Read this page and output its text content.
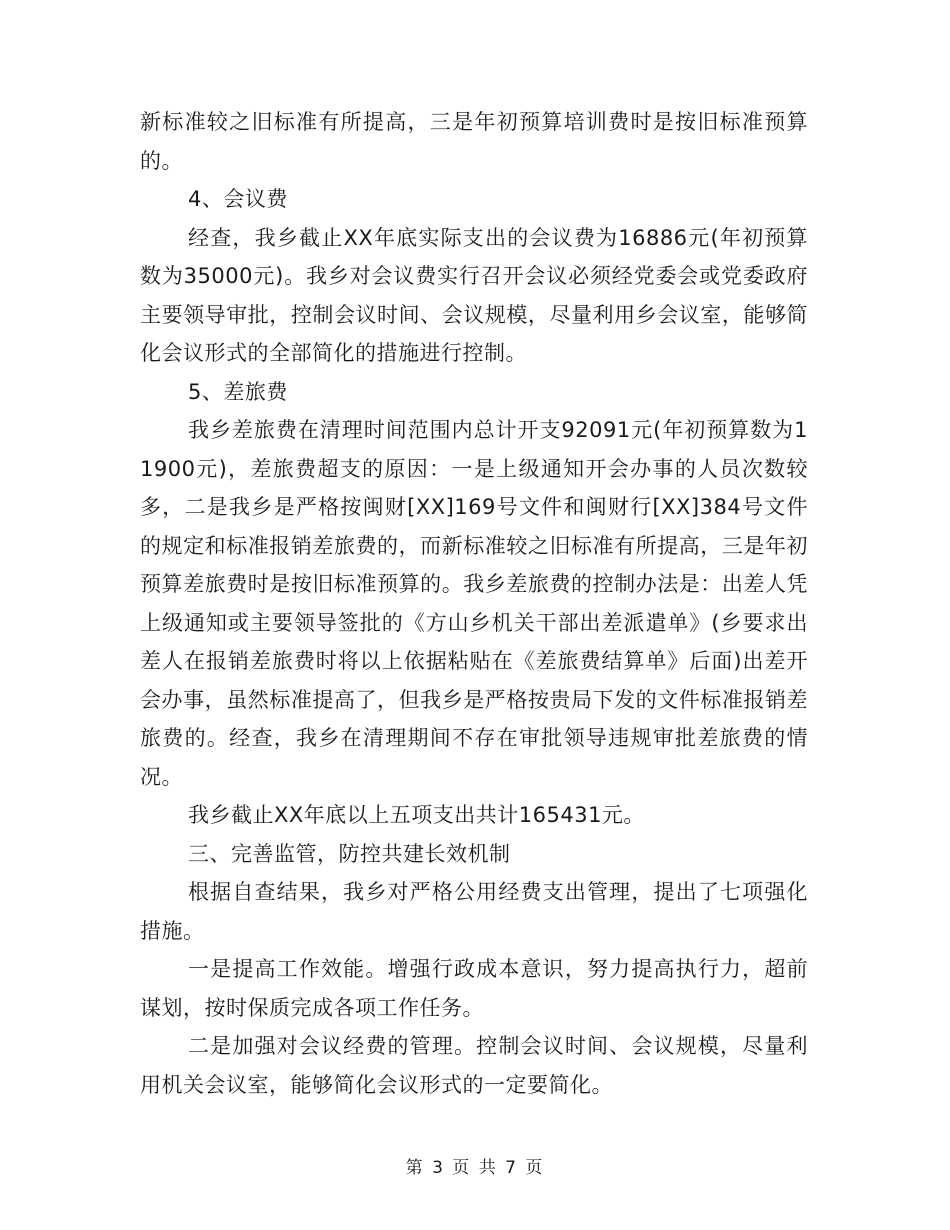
新标准较之旧标准有所提高，三是年初预算培训费时是按旧标准预算的。

4、会议费

经查，我乡截止XX年底实际支出的会议费为16886元(年初预算数为35000元)。我乡对会议费实行召开会议必须经党委会或党委政府主要领导审批，控制会议时间、会议规模，尽量利用乡会议室，能够简化会议形式的全部简化的措施进行控制。

5、差旅费

我乡差旅费在清理时间范围内总计开支92091元(年初预算数为11900元)，差旅费超支的原因：一是上级通知开会办事的人员次数较多，二是我乡是严格按闽财[XX]169号文件和闽财行[XX]384号文件的规定和标准报销差旅费的，而新标准较之旧标准有所提高，三是年初预算差旅费时是按旧标准预算的。我乡差旅费的控制办法是：出差人凭上级通知或主要领导签批的《方山乡机关干部出差派遣单》(乡要求出差人在报销差旅费时将以上依据粘贴在《差旅费结算单》后面)出差开会办事，虽然标准提高了，但我乡是严格按贵局下发的文件标准报销差旅费的。经查，我乡在清理期间不存在审批领导违规审批差旅费的情况。

我乡截止XX年底以上五项支出共计165431元。

三、完善监管，防控共建长效机制

根据自查结果，我乡对严格公用经费支出管理，提出了七项强化措施。

一是提高工作效能。增强行政成本意识，努力提高执行力，超前谋划，按时保质完成各项工作任务。

二是加强对会议经费的管理。控制会议时间、会议规模，尽量利用机关会议室，能够简化会议形式的一定要简化。

第 3 页 共 7 页
